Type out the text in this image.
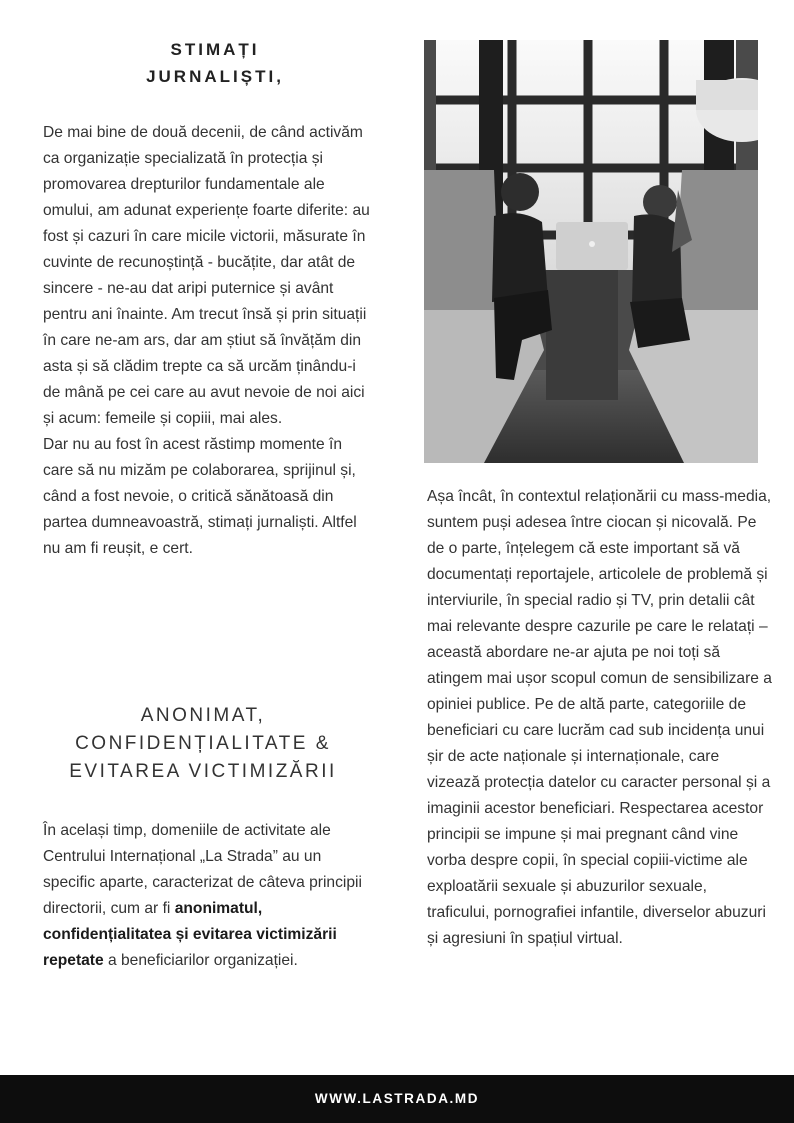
STIMAȚI
JURNALIȘTI,

De mai bine de două decenii, de când activăm ca organizație specializată în protecția și promovarea drepturilor fundamentale ale omului, am adunat experiențe foarte diferite: au fost și cazuri în care micile victorii, măsurate în cuvinte de recunoștință - bucățite, dar atât de sincere - ne-au dat aripi puternice și avânt pentru ani înainte. Am trecut însă și prin situații în care ne-am ars, dar am știut să învățăm din asta și să clădim trepte ca să urcăm ținându-i de mână pe cei care au avut nevoie de noi aici și acum: femeile și copiii, mai ales.

Dar nu au fost în acest răstimp momente în care să nu mizăm pe colaborarea, sprijinul și, când a fost nevoie, o critică sănătoasă din partea dumneavoastră, stimați jurnaliști. Altfel nu am fi reușit, e cert.

ANONIMAT,
CONFIDENȚIALITATE &
EVITAREA VICTIMIZĂRII
În același timp, domeniile de activitate ale Centrului Internațional „La Strada” au un specific aparte, caracterizat de câteva principii directorii, cum ar fi anonimatul, confidențialitatea și evitarea victimizării repetate a beneficiarilor organizației.
Așa încât, în contextul relaționării cu mass-media, suntem puși adesea între ciocan și nicovală. Pe de o parte, înțelegem că este important să vă documentați reportajele, articolele de problemă și interviurile, în special radio și TV, prin detalii cât mai relevante despre cazurile pe care le relatați – această abordare ne-ar ajuta pe noi toți să atingem mai ușor scopul comun de sensibilizare a opiniei publice. Pe de altă parte, categoriile de beneficiari cu care lucrăm cad sub incidența unui șir de acte naționale și internaționale, care vizează protecția datelor cu caracter personal și a imaginii acestor beneficiari. Respectarea acestor principii se impune și mai pregnant când vine vorba despre copii, în special copiii-victime ale exploatării sexuale și abuzurilor sexuale, traficului, pornografiei infantile, diverselor abuzuri și agresiuni în spațiul virtual.
WWW.LASTRADA.MD
